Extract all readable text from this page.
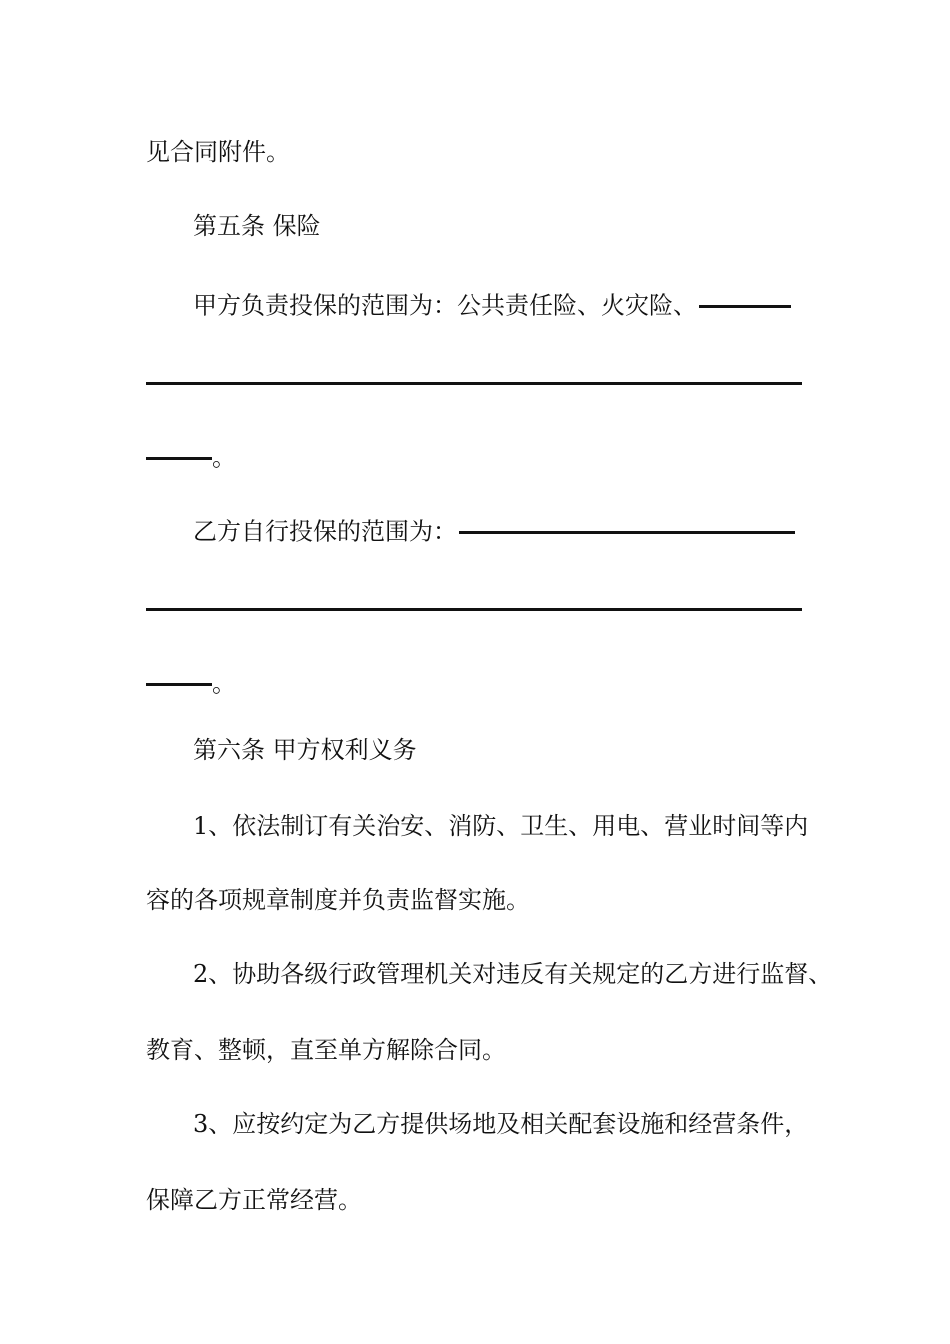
见合同附件。
第五条 保险
甲方负责投保的范围为：公共责任险、火灾险、
。
乙方自行投保的范围为：
。
第六条 甲方权利义务
1、依法制订有关治安、消防、卫生、用电、营业时间等内
容的各项规章制度并负责监督实施。
2、协助各级行政管理机关对违反有关规定的乙方进行监督、
教育、整顿，直至单方解除合同。
3、应按约定为乙方提供场地及相关配套设施和经营条件，
保障乙方正常经营。
